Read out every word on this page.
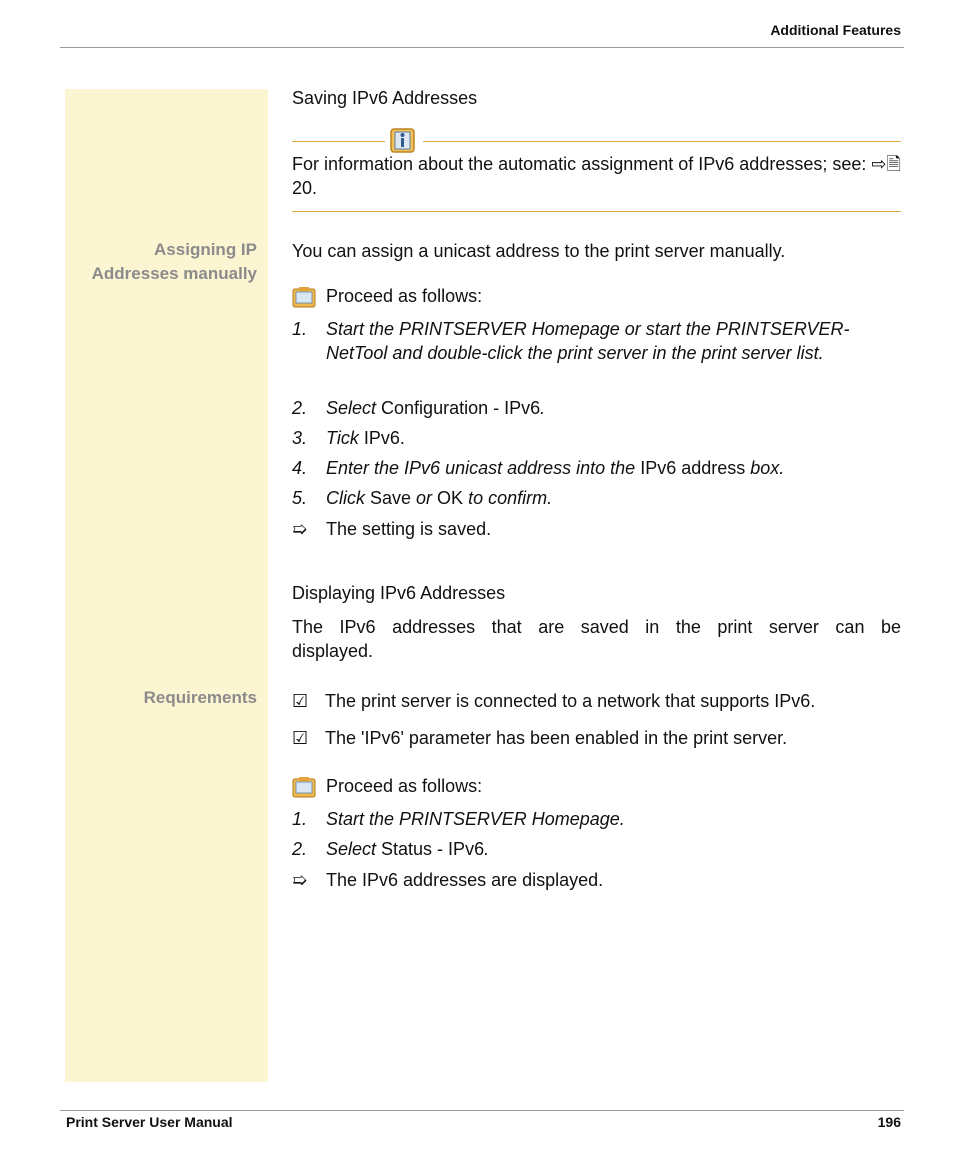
Additional Features
Assigning IP
Addresses manually
Requirements
Saving IPv6 Addresses
For information about the automatic assignment of IPv6 addresses; see: ⇨🗎20.
You can assign a unicast address to the print server manually.
Proceed as follows:
1.	Start the PRINTSERVER Homepage or start the PRINTSERVER-NetTool and double-click the print server in the print server list.
2.	Select Configuration - IPv6.
3.	Tick IPv6.
4.	Enter the IPv6 unicast address into the IPv6 address box.
5.	Click Save or OK to confirm.
➯ The setting is saved.
Displaying IPv6 Addresses
The IPv6 addresses that are saved in the print server can be displayed.
☑ The print server is connected to a network that supports IPv6.
☑ The 'IPv6' parameter has been enabled in the print server.
Proceed as follows:
1.	Start the PRINTSERVER Homepage.
2.	Select Status - IPv6.
➯ The IPv6 addresses are displayed.
Print Server User Manual	196
